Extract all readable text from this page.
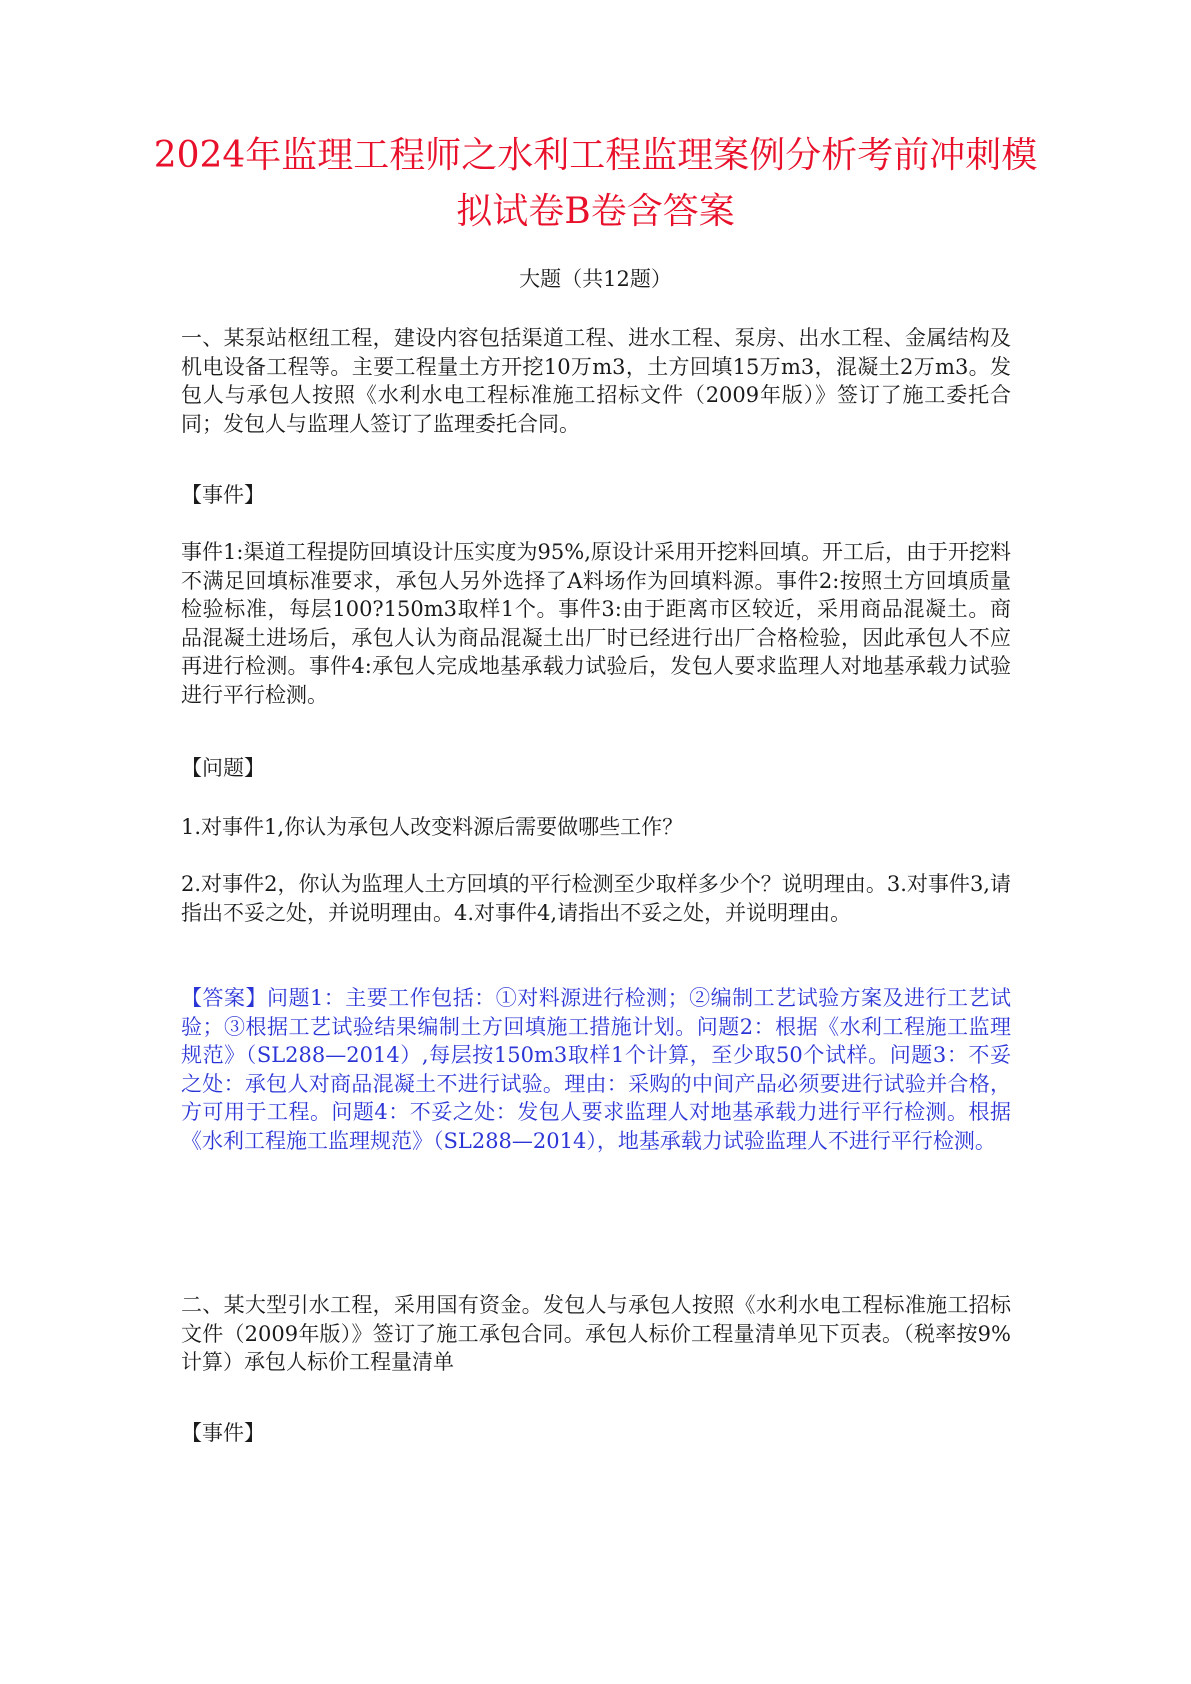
2024年监理工程师之水利工程监理案例分析考前冲刺模拟试卷B卷含答案

大题（共12题）

一、某泵站枢纽工程，建设内容包括渠道工程、进水工程、泵房、出水工程、金属结构及机电设备工程等。主要工程量土方开挖10万m3，土方回填15万m3，混凝土2万m3。发包人与承包人按照《水利水电工程标准施工招标文件（2009年版）》签订了施工委托合同；发包人与监理人签订了监理委托合同。

【事件】

事件1:渠道工程提防回填设计压实度为95%,原设计采用开挖料回填。开工后，由于开挖料不满足回填标准要求，承包人另外选择了A料场作为回填料源。事件2:按照土方回填质量检验标准，每层100?150m3取样1个。事件3:由于距离市区较近，采用商品混凝土。商品混凝土进场后，承包人认为商品混凝土出厂时已经进行出厂合格检验，因此承包人不应再进行检测。事件4:承包人完成地基承载力试验后，发包人要求监理人对地基承载力试验进行平行检测。

【问题】

1.对事件1,你认为承包人改变料源后需要做哪些工作？

2.对事件2，你认为监理人土方回填的平行检测至少取样多少个？说明理由。3.对事件3,请指出不妥之处，并说明理由。4.对事件4,请指出不妥之处，并说明理由。

【答案】问题1：主要工作包括：①对料源进行检测；②编制工艺试验方案及进行工艺试验；③根据工艺试验结果编制土方回填施工措施计划。问题2：根据《水利工程施工监理规范》（SL288—2014）,每层按150m3取样1个计算，至少取50个试样。问题3：不妥之处：承包人对商品混凝土不进行试验。理由：采购的中间产品必须要进行试验并合格，方可用于工程。问题4：不妥之处：发包人要求监理人对地基承载力进行平行检测。根据《水利工程施工监理规范》（SL288—2014），地基承载力试验监理人不进行平行检测。

二、某大型引水工程，采用国有资金。发包人与承包人按照《水利水电工程标准施工招标文件（2009年版）》签订了施工承包合同。承包人标价工程量清单见下页表。（税率按9%计算）承包人标价工程量清单

【事件】
